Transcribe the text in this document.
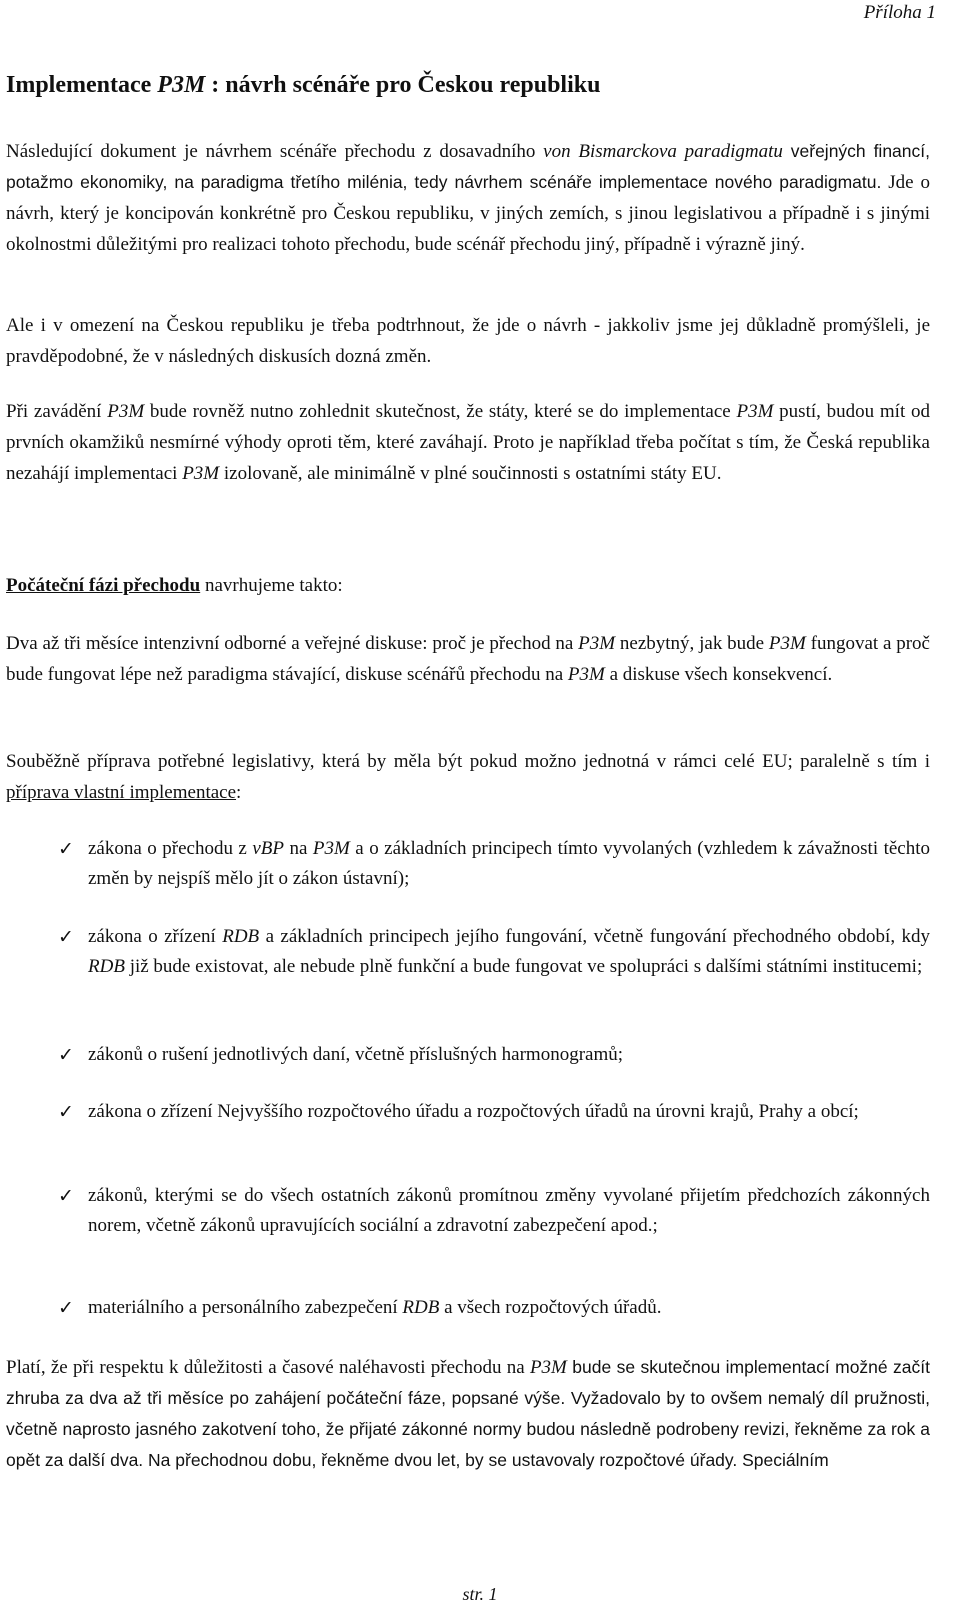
Příloha 1
Implementace P3M : návrh scénáře pro Českou republiku

Následující dokument je návrhem scénáře přechodu z dosavadního von Bismarckova paradigmatu veřejných financí, potažmo ekonomiky, na paradigma třetího milénia, tedy návrhem scénáře implementace nového paradigmatu. Jde o návrh, který je koncipován konkrétně pro Českou republiku, v jiných zemích, s jinou legislativou a případně i s jinými okolnostmi důležitými pro realizaci tohoto přechodu, bude scénář přechodu jiný, případně i výrazně jiný.

Ale i v omezení na Českou republiku je třeba podtrhnout, že jde o návrh - jakkoliv jsme jej důkladně promýšleli, je pravděpodobné, že v následných diskusích dozná změn.

Při zavádění P3M bude rovněž nutno zohlednit skutečnost, že státy, které se do implementace P3M pustí, budou mít od prvních okamžiků nesmírné výhody oproti těm, které zaváhají. Proto je například třeba počítat s tím, že Česká republika nezahájí implementaci P3M izolovaně, ale minimálně v plné součinnosti s ostatními státy EU.

Počáteční fázi přechodu navrhujeme takto:

Dva až tři měsíce intenzivní odborné a veřejné diskuse: proč je přechod na P3M nezbytný, jak bude P3M fungovat a proč bude fungovat lépe než paradigma stávající, diskuse scénářů přechodu na P3M a diskuse všech konsekvencí.

Souběžně příprava potřebné legislativy, která by měla být pokud možno jednotná v rámci celé EU; paralelně s tím i příprava vlastní implementace:

✓ zákona o přechodu z vBP na P3M a o základních principech tímto vyvolaných (vzhledem k závažnosti těchto změn by nejspíš mělo jít o zákon ústavní);

✓ zákona o zřízení RDB a základních principech jejího fungování, včetně fungování přechodného období, kdy RDB již bude existovat, ale nebude plně funkční a bude fungovat ve spolupráci s dalšími státními institucemi;

✓ zákonů o rušení jednotlivých daní, včetně příslušných harmonogramů;

✓ zákona o zřízení Nejvyššího rozpočtového úřadu a rozpočtových úřadů na úrovni krajů, Prahy a obcí;

✓ zákonů, kterými se do všech ostatních zákonů promítnou změny vyvolané přijetím předchozích zákonných norem, včetně zákonů upravujících sociální a zdravotní zabezpečení apod.;

✓ materiálního a personálního zabezpečení RDB a všech rozpočtových úřadů.

Platí, že při respektu k důležitosti a časové naléhavosti přechodu na P3M bude se skutečnou implementací možné začít zhruba za dva až tři měsíce po zahájení počáteční fáze, popsané výše. Vyžadovalo by to ovšem nemalý díl pružnosti, včetně naprosto jasného zakotvení toho, že přijaté zákonné normy budou následně podrobeny revizi, řekněme za rok a opět za další dva. Na přechodnou dobu, řekněme dvou let, by se ustavovaly rozpočtové úřady. Speciálním

str. 1
